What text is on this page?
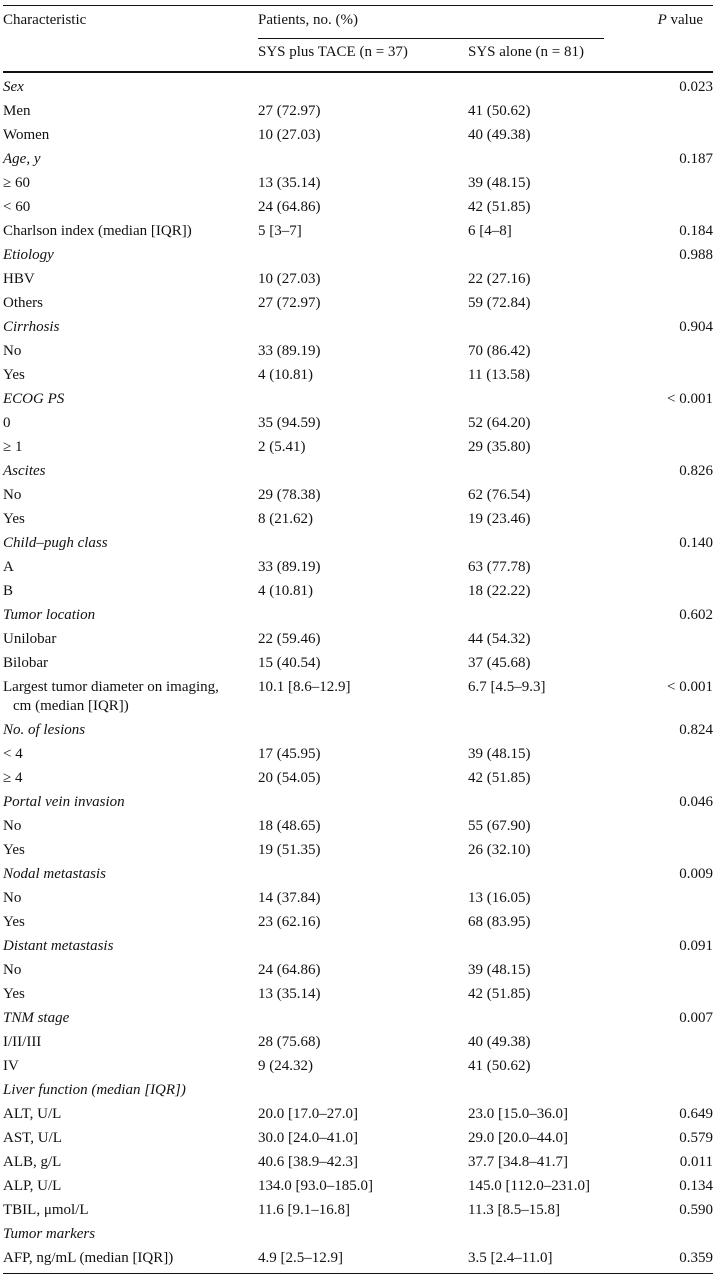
Characteristic	Patients, no. (%)
SYS plus TACE (n = 37)	SYS alone (n = 81)
P value
Sex			0.023
Men	27 (72.97)	41 (50.62)	
Women	10 (27.03)	40 (49.38)	
Age, y			0.187
≥ 60	13 (35.14)	39 (48.15)	
< 60	24 (64.86)	42 (51.85)	
Charlson index (median [IQR])	5 [3–7]	6 [4–8]	0.184
Etiology			0.988
HBV	10 (27.03)	22 (27.16)	
Others	27 (72.97)	59 (72.84)	
Cirrhosis			0.904
No	33 (89.19)	70 (86.42)	
Yes	4 (10.81)	11 (13.58)	
ECOG PS			< 0.001
0	35 (94.59)	52 (64.20)	
≥ 1	2 (5.41)	29 (35.80)	
Ascites			0.826
No	29 (78.38)	62 (76.54)	
Yes	8 (21.62)	19 (23.46)	
Child–pugh class			0.140
A	33 (89.19)	63 (77.78)	
B	4 (10.81)	18 (22.22)	
Tumor location			0.602
Unilobar	22 (59.46)	44 (54.32)	
Bilobar	15 (40.54)	37 (45.68)	
Largest tumor diameter on imaging,
cm (median [IQR])	10.1 [8.6–12.9]	6.7 [4.5–9.3]	< 0.001
No. of lesions			0.824
< 4	17 (45.95)	39 (48.15)	
≥ 4	20 (54.05)	42 (51.85)	
Portal vein invasion			0.046
No	18 (48.65)	55 (67.90)	
Yes	19 (51.35)	26 (32.10)	
Nodal metastasis			0.009
No	14 (37.84)	13 (16.05)	
Yes	23 (62.16)	68 (83.95)	
Distant metastasis			0.091
No	24 (64.86)	39 (48.15)	
Yes	13 (35.14)	42 (51.85)	
TNM stage			0.007
I/II/III	28 (75.68)	40 (49.38)	
IV	9 (24.32)	41 (50.62)	
Liver function (median [IQR])			
ALT, U/L	20.0 [17.0–27.0]	23.0 [15.0–36.0]	0.649
AST, U/L	30.0 [24.0–41.0]	29.0 [20.0–44.0]	0.579
ALB, g/L	40.6 [38.9–42.3]	37.7 [34.8–41.7]	0.011
ALP, U/L	134.0 [93.0–185.0]	145.0 [112.0–231.0]	0.134
TBIL, μmol/L	11.6 [9.1–16.8]	11.3 [8.5–15.8]	0.590
Tumor markers			
AFP, ng/mL (median [IQR])	4.9 [2.5–12.9]	3.5 [2.4–11.0]	0.359
